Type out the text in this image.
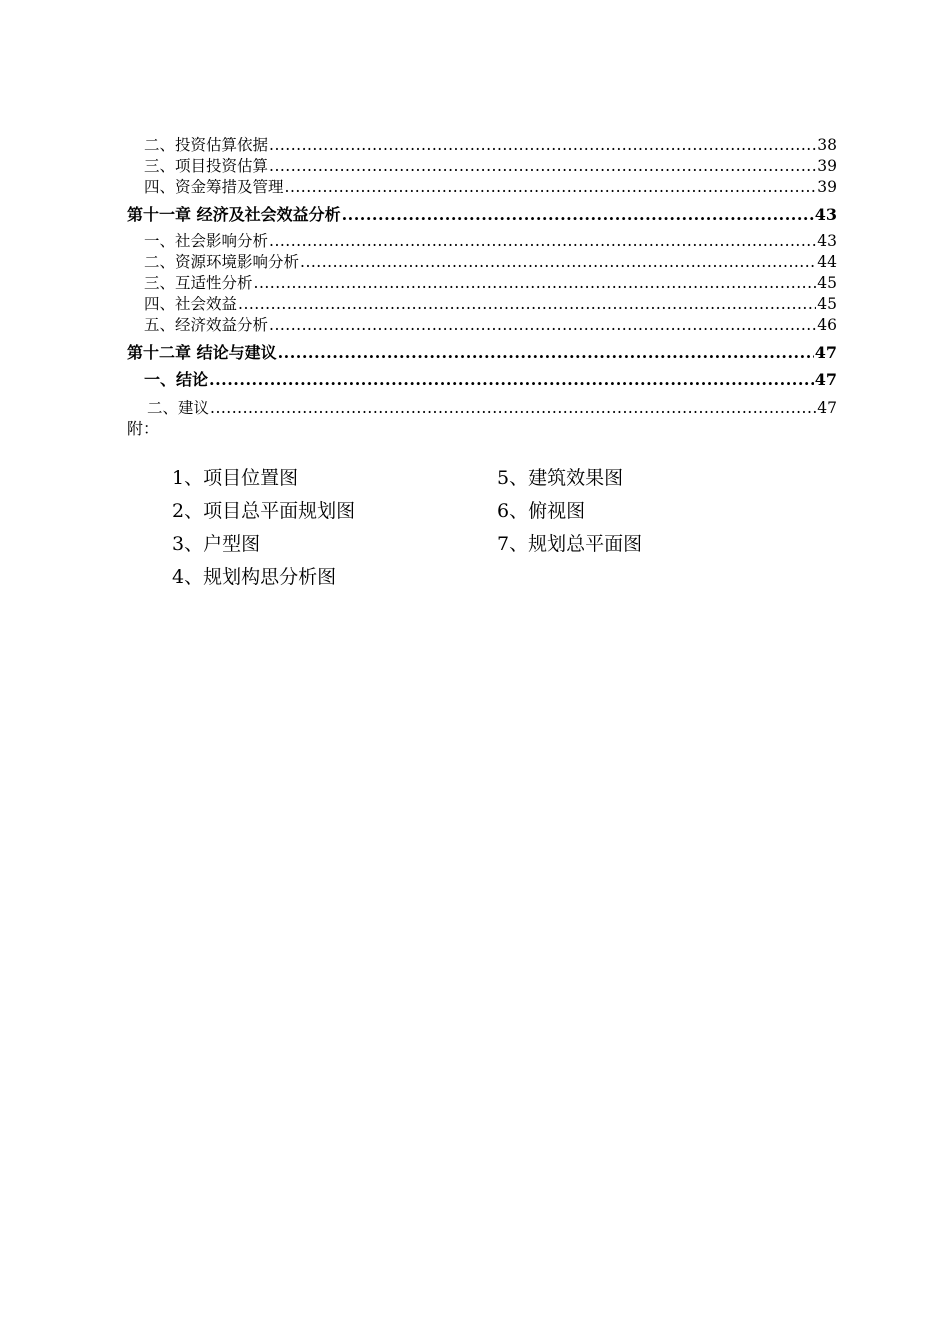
二、投资估算依据 .....	38
三、项目投资估算 .....	39
四、资金筹措及管理 .....	39
第十一章 经济及社会效益分析 .....	43
一、社会影响分析 .....	43
二、资源环境影响分析 .....	44
三、互适性分析 .....	45
四、社会效益 .....	45
五、经济效益分析 .....	46
第十二章 结论与建议 .....	47
一、结论 .....	47
二、建议 .....	47
附：
1、项目位置图	5、建筑效果图
2、项目总平面规划图	6、俯视图
3、户型图	7、规划总平面图
4、规划构思分析图
